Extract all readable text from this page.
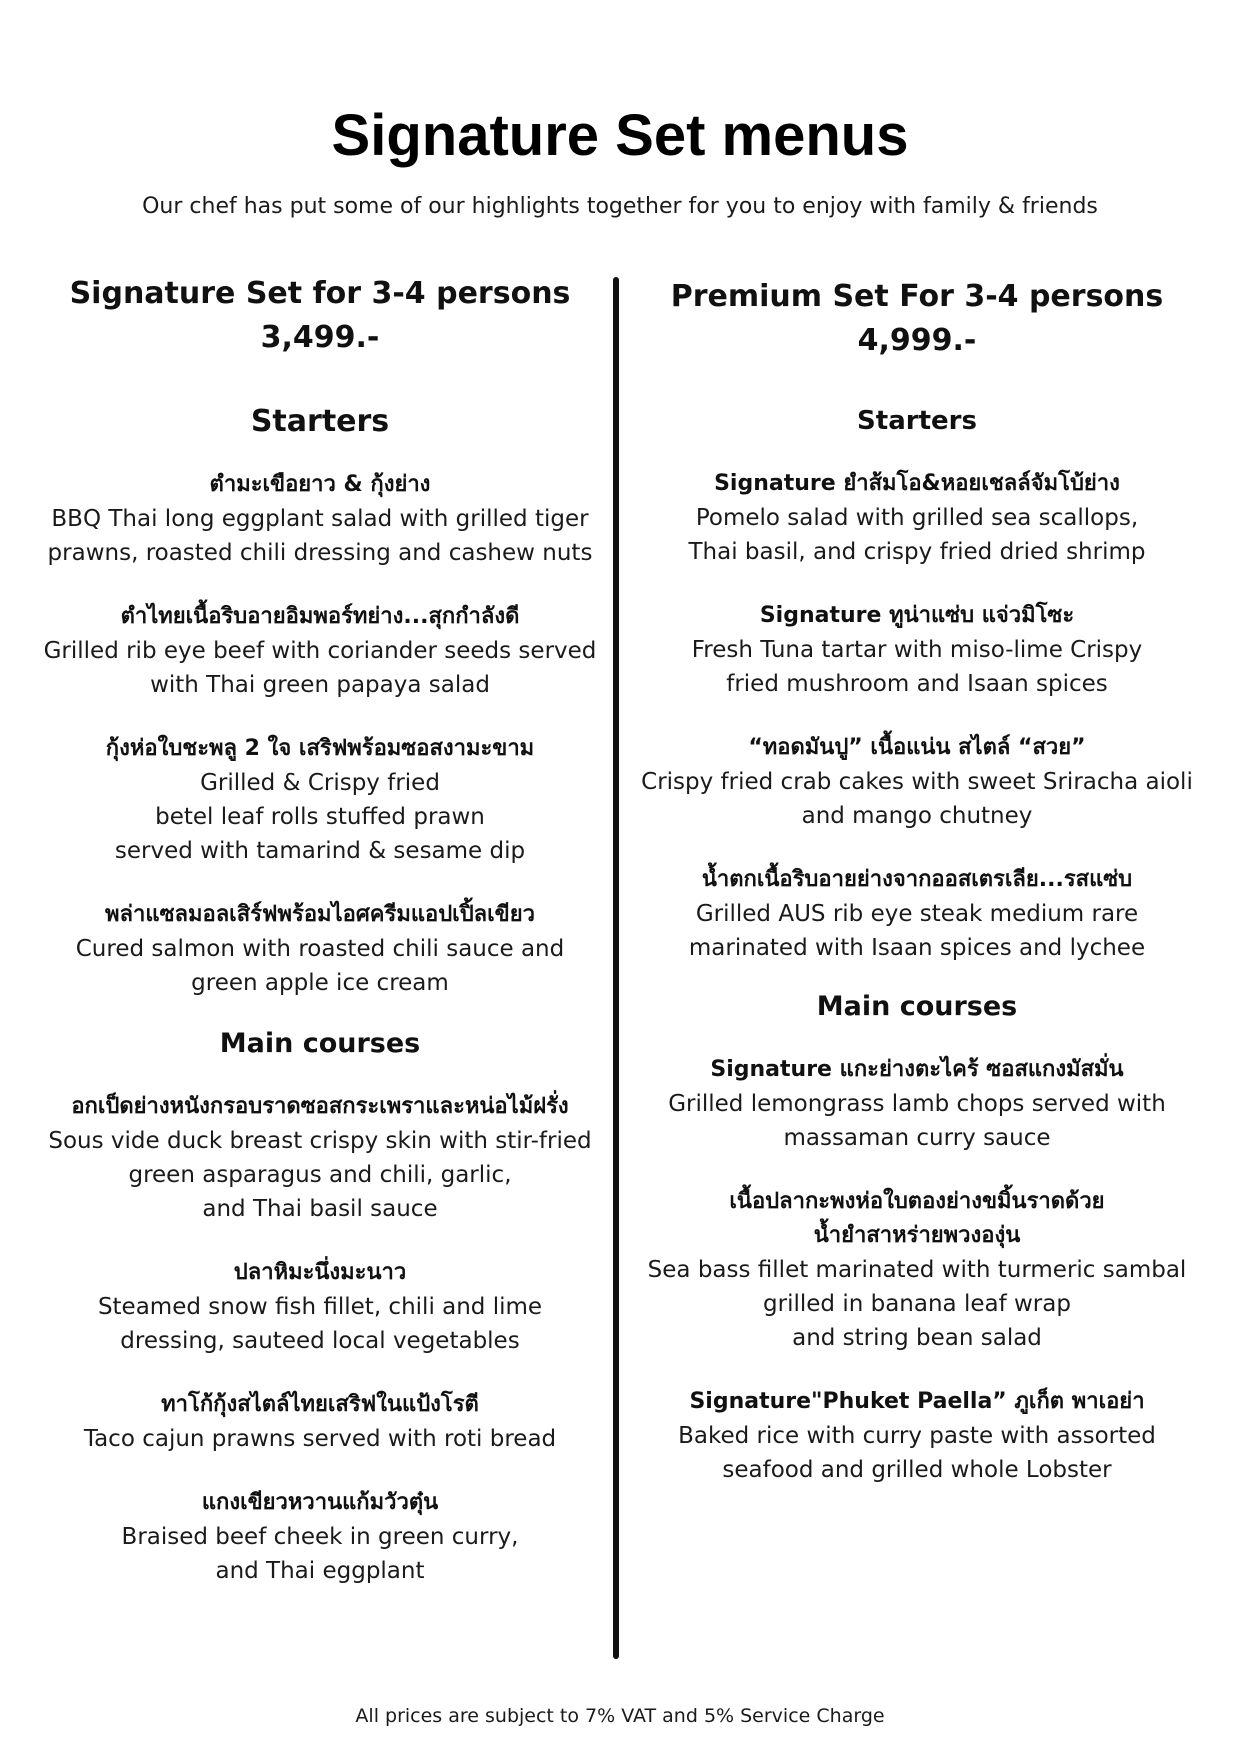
Signature Set menus
Our chef has put some of our highlights together for you to enjoy with family & friends
Signature Set for 3-4 persons
3,499.-
Starters
ตำมะเขือยาว & กุ้งย่าง
BBQ Thai long eggplant salad with grilled tiger
prawns, roasted chili dressing and cashew nuts
ตำไทยเนื้อริบอายอิมพอร์ทย่าง...สุกกำลังดี
Grilled rib eye beef with coriander seeds served
with Thai green papaya salad
กุ้งห่อใบชะพลู 2 ใจ เสริฟพร้อมซอสงามะขาม
Grilled & Crispy fried
betel leaf rolls stuffed prawn
served with tamarind & sesame dip
พล่าแซลมอลเสิร์ฟพร้อมไอศครีมแอปเปิ้ลเขียว
Cured salmon with roasted chili sauce and
green apple ice cream
Main courses
อกเป็ดย่างหนังกรอบราดซอสกระเพราและหน่อไม้ฝรั่ง
Sous vide duck breast crispy skin with stir-fried
green asparagus and chili, garlic,
and Thai basil sauce
ปลาหิมะนึ่งมะนาว
Steamed snow fish fillet, chili and lime
dressing, sauteed local vegetables
ทาโก้กุ้งสไตล์ไทยเสริฟในแป้งโรตี
Taco cajun prawns served with roti bread
แกงเขียวหวานแก้มวัวตุ๋น
Braised beef cheek in green curry,
and Thai eggplant
Premium Set For 3-4 persons
4,999.-
Starters
Signature ยำส้มโอ&หอยเชลล์จัมโบ้ย่าง
Pomelo salad with grilled sea scallops,
Thai basil, and crispy fried dried shrimp
Signature ทูน่าแซ่บ แจ่วมิโซะ
Fresh Tuna tartar with miso-lime Crispy
fried mushroom and Isaan spices
“ทอดมันปู” เนื้อแน่น สไตล์ “สวย”
Crispy fried crab cakes with sweet Sriracha aioli
and mango chutney
น้ำตกเนื้อริบอายย่างจากออสเตรเลีย...รสแซ่บ
Grilled AUS rib eye steak medium rare
marinated with Isaan spices and lychee
Main courses
Signature แกะย่างตะไคร้ ซอสแกงมัสมั่น
Grilled lemongrass lamb chops served with
massaman curry sauce
เนื้อปลากะพงห่อใบตองย่างขมิ้นราดด้วย
น้ำยำสาหร่ายพวงองุ่น
Sea bass fillet marinated with turmeric sambal
grilled in banana leaf wrap
and string bean salad
Signature"Phuket Paella” ภูเก็ต พาเอย่า
Baked rice with curry paste with assorted
seafood and grilled whole Lobster
All prices are subject to 7% VAT and 5% Service Charge
